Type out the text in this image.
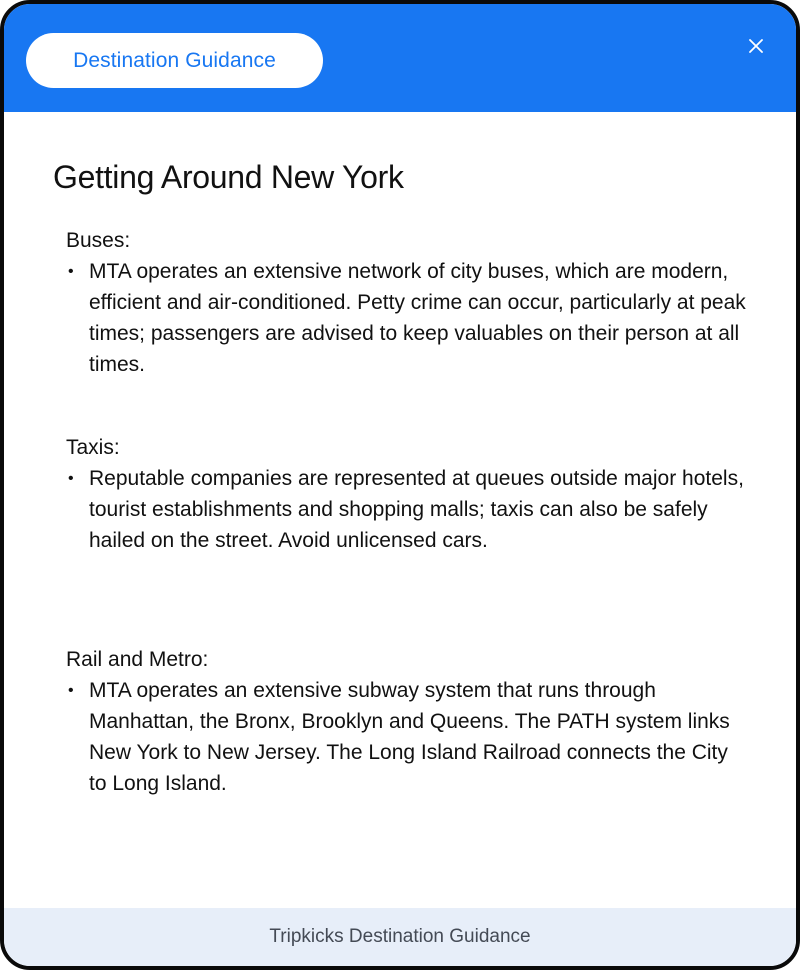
Destination Guidance
Getting Around New York

Buses:

• MTA operates an extensive network of city buses, which are modern, efficient and air-conditioned. Petty crime can occur, particularly at peak times; passengers are advised to keep valuables on their person at all times.

Taxis:

• Reputable companies are represented at queues outside major hotels, tourist establishments and shopping malls; taxis can also be safely hailed on the street. Avoid unlicensed cars.

Rail and Metro:

• MTA operates an extensive subway system that runs through Manhattan, the Bronx, Brooklyn and Queens. The PATH system links New York to New Jersey. The Long Island Railroad connects the City to Long Island.

Tripkicks Destination Guidance
